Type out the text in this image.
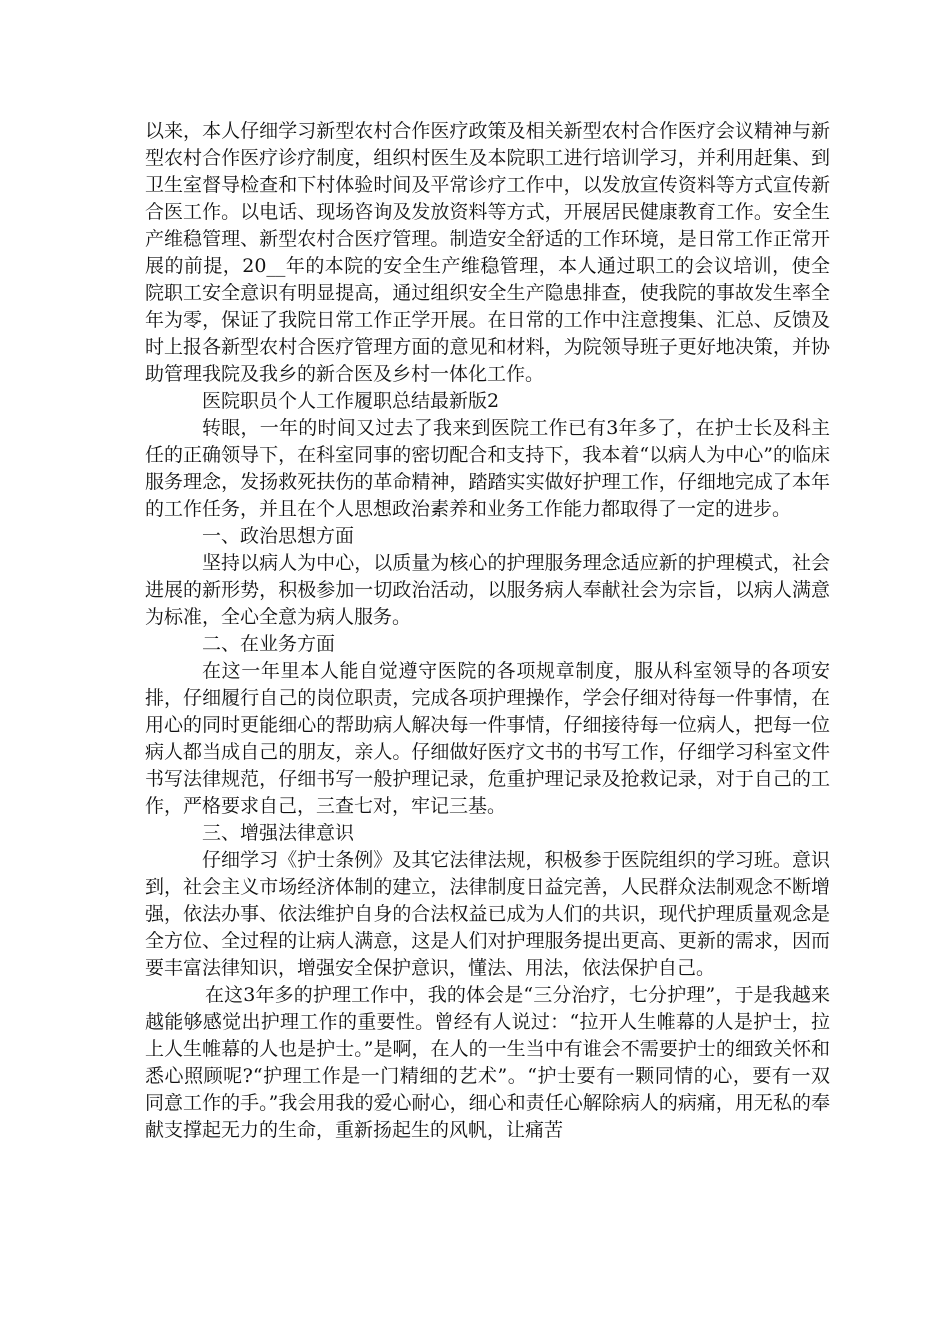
以来，本人仔细学习新型农村合作医疗政策及相关新型农村合作医疗会议精神与新型农村合作医疗诊疗制度，组织村医生及本院职工进行培训学习，并利用赶集、到卫生室督导检查和下村体验时间及平常诊疗工作中，以发放宣传资料等方式宣传新合医工作。以电话、现场咨询及发放资料等方式，开展居民健康教育工作。安全生产维稳管理、新型农村合医疗管理。制造安全舒适的工作环境，是日常工作正常开展的前提，20__年的本院的安全生产维稳管理，本人通过职工的会议培训，使全院职工安全意识有明显提高，通过组织安全生产隐患排查，使我院的事故发生率全年为零，保证了我院日常工作正学开展。在日常的工作中注意搜集、汇总、反馈及时上报各新型农村合医疗管理方面的意见和材料，为院领导班子更好地决策，并协助管理我院及我乡的新合医及乡村一体化工作。

医院职员个人工作履职总结最新版2

转眼，一年的时间又过去了我来到医院工作已有3年多了，在护士长及科主任的正确领导下，在科室同事的密切配合和支持下，我本着“以病人为中心”的临床服务理念，发扬救死扶伤的革命精神，踏踏实实做好护理工作，仔细地完成了本年的工作任务，并且在个人思想政治素养和业务工作能力都取得了一定的进步。

一、政治思想方面

坚持以病人为中心，以质量为核心的护理服务理念适应新的护理模式，社会进展的新形势，积极参加一切政治活动，以服务病人奉献社会为宗旨，以病人满意为标准，全心全意为病人服务。

二、在业务方面

在这一年里本人能自觉遵守医院的各项规章制度，服从科室领导的各项安排，仔细履行自己的岗位职责，完成各项护理操作，学会仔细对待每一件事情，在用心的同时更能细心的帮助病人解决每一件事情，仔细接待每一位病人，把每一位病人都当成自己的朋友，亲人。仔细做好医疗文书的书写工作，仔细学习科室文件书写法律规范，仔细书写一般护理记录，危重护理记录及抢救记录，对于自己的工作，严格要求自己，三查七对，牢记三基。

三、增强法律意识

仔细学习《护士条例》及其它法律法规，积极参于医院组织的学习班。意识到，社会主义市场经济体制的建立，法律制度日益完善，人民群众法制观念不断增强，依法办事、依法维护自身的合法权益已成为人们的共识，现代护理质量观念是全方位、全过程的让病人满意，这是人们对护理服务提出更高、更新的需求，因而要丰富法律知识，增强安全保护意识，懂法、用法，依法保护自己。

在这3年多的护理工作中，我的体会是“三分治疗，七分护理”，于是我越来越能够感觉出护理工作的重要性。曾经有人说过：“拉开人生帷幕的人是护士，拉上人生帷幕的人也是护士。”是啊，在人的一生当中有谁会不需要护士的细致关怀和悉心照顾呢?“护理工作是一门精细的艺术”。“护士要有一颗同情的心，要有一双同意工作的手。”我会用我的爱心耐心，细心和责任心解除病人的病痛，用无私的奉献支撑起无力的生命，重新扬起生的风帆，让痛苦
